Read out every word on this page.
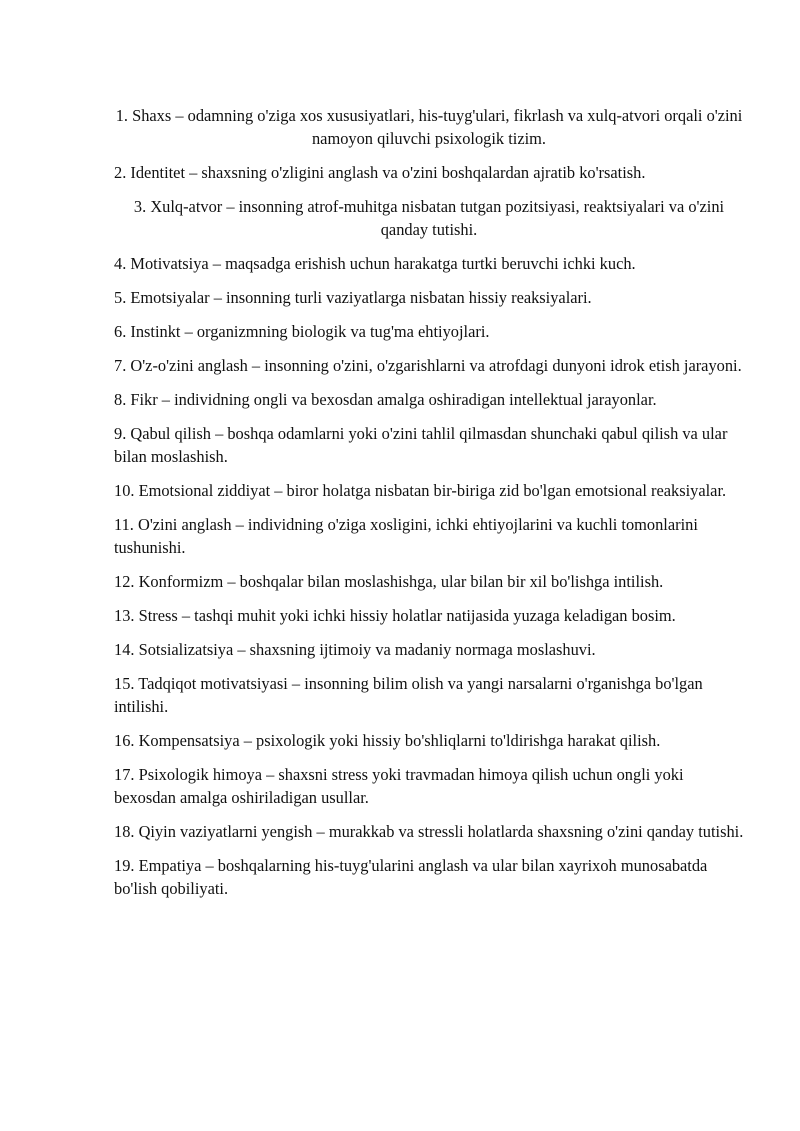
1. Shaxs – odamning o'ziga xos xususiyatlari, his-tuyg'ulari, fikrlash va xulq-atvori orqali o'zini namoyon qiluvchi psixologik tizim.

2. Identitet – shaxsning o'zligini anglash va o'zini boshqalardan ajratib ko'rsatish.

3. Xulq-atvor – insonning atrof-muhitga nisbatan tutgan pozitsiyasi, reaktsiyalari va o'zini qanday tutishi.

4. Motivatsiya – maqsadga erishish uchun harakatga turtki beruvchi ichki kuch.

5. Emotsiyalar – insonning turli vaziyatlarga nisbatan hissiy reaksiyalari.

6. Instinkt – organizmning biologik va tug'ma ehtiyojlari.

7. O'z-o'zini anglash – insonning o'zini, o'zgarishlarni va atrofdagi dunyoni idrok etish jarayoni.

8. Fikr – individning ongli va bexosdan amalga oshiradigan intellektual jarayonlar.

9. Qabul qilish – boshqa odamlarni yoki o'zini tahlil qilmasdan shunchaki qabul qilish va ular bilan moslashish.

10. Emotsional ziddiyat – biror holatga nisbatan bir-biriga zid bo'lgan emotsional reaksiyalar.

11. O'zini anglash – individning o'ziga xosligini, ichki ehtiyojlarini va kuchli tomonlarini tushunishi.

12. Konformizm – boshqalar bilan moslashishga, ular bilan bir xil bo'lishga intilish.

13. Stress – tashqi muhit yoki ichki hissiy holatlar natijasida yuzaga keladigan bosim.

14. Sotsializatsiya – shaxsning ijtimoiy va madaniy normaga moslashuvi.

15. Tadqiqot motivatsiyasi – insonning bilim olish va yangi narsalarni o'rganishga bo'lgan intilishi.

16. Kompensatsiya – psixologik yoki hissiy bo'shliqlarni to'ldirishga harakat qilish.

17. Psixologik himoya – shaxsni stress yoki travmadan himoya qilish uchun ongli yoki bexosdan amalga oshiriladigan usullar.

18. Qiyin vaziyatlarni yengish – murakkab va stressli holatlarda shaxsning o'zini qanday tutishi.

19. Empatiya – boshqalarning his-tuyg'ularini anglash va ular bilan xayrixoh munosabatda bo'lish qobiliyati.
